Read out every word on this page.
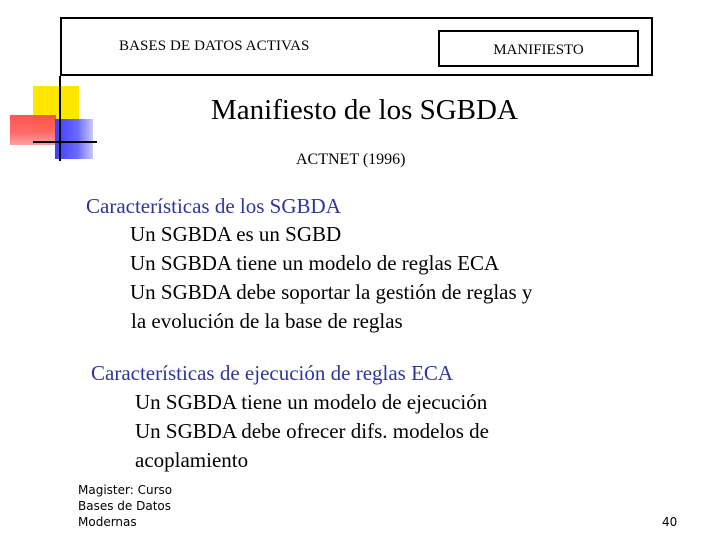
BASES DE DATOS ACTIVAS	MANIFIESTO
Manifiesto de los SGBDA
ACTNET (1996)
Características de los SGBDA
Un SGBDA es un SGBD
Un SGBDA tiene un modelo de reglas ECA
Un SGBDA debe soportar la gestión de reglas y
la evolución de la base de reglas
Características de ejecución de reglas ECA
Un SGBDA tiene un modelo de ejecución
Un SGBDA debe ofrecer difs. modelos de
acoplamiento
Magister: Curso
Bases de Datos
Modernas	40
